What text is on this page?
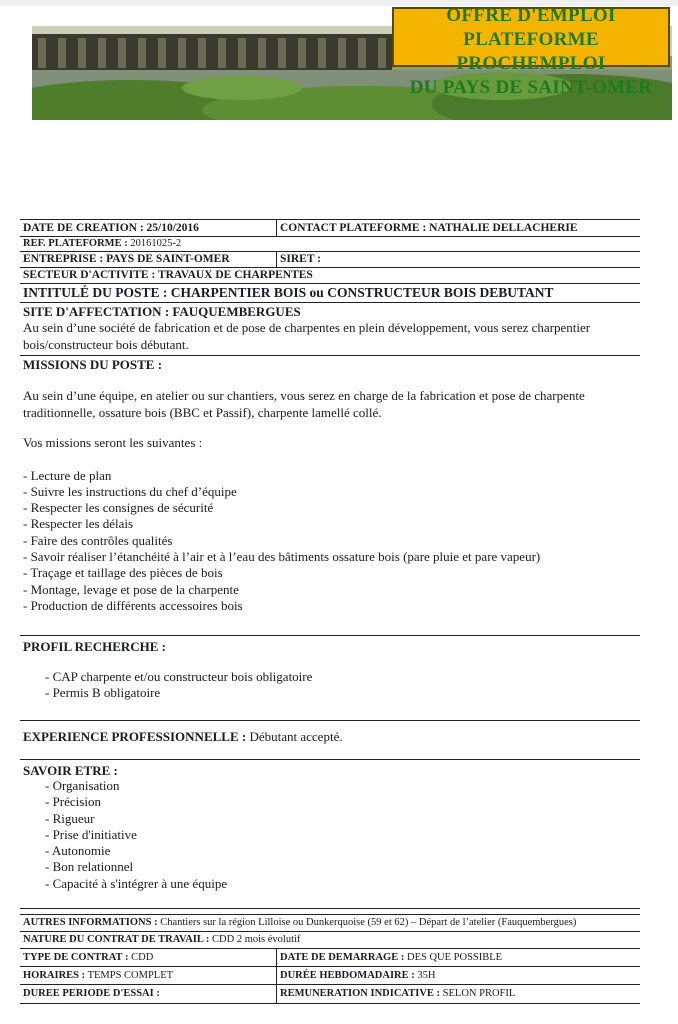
OFFRE D'EMPLOI
PLATEFORME
PROCHEMPLOI
DU PAYS DE SAINT-OMER
DATE DE CREATION : 25/10/2016	CONTACT PLATEFORME : NATHALIE DELLACHERIE
REF. PLATEFORME : 20161025-2
ENTREPRISE : PAYS DE SAINT-OMER	SIRET :
SECTEUR D'ACTIVITE : TRAVAUX DE CHARPENTES
INTITULÉ DU POSTE : CHARPENTIER BOIS ou CONSTRUCTEUR BOIS DEBUTANT
SITE D'AFFECTATION : FAUQUEMBERGUES
Au sein d’une société de fabrication et de pose de charpentes en plein développement, vous serez charpentier bois/constructeur bois débutant.
MISSIONS DU POSTE :
Au sein d’une équipe, en atelier ou sur chantiers, vous serez en charge de la fabrication et pose de charpente traditionnelle, ossature bois (BBC et Passif), charpente lamellé collé.
Vos missions seront les suivantes :
- Lecture de plan
- Suivre les instructions du chef d’équipe
- Respecter les consignes de sécurité
- Respecter les délais
- Faire des contrôles qualités
- Savoir réaliser l’étanchéité à l’air et à l’eau des bâtiments ossature bois (pare pluie et pare vapeur)
- Traçage et taillage des pièces de bois
- Montage, levage et pose de la charpente
- Production de différents accessoires bois
PROFIL RECHERCHE :
- CAP charpente et/ou constructeur bois obligatoire
- Permis B obligatoire
EXPERIENCE PROFESSIONNELLE : Débutant accepté.
SAVOIR ETRE :
- Organisation
- Précision
- Rigueur
- Prise d'initiative
- Autonomie
- Bon relationnel
- Capacité à s'intégrer à une équipe
AUTRES INFORMATIONS : Chantiers sur la région Lilloise ou Dunkerquoise (59 et 62) – Départ de l’atelier (Fauquembergues)
NATURE DU CONTRAT DE TRAVAIL : CDD 2 mois évolutif
TYPE DE CONTRAT : CDD	DATE DE DEMARRAGE : DES QUE POSSIBLE
HORAIRES : TEMPS COMPLET	DURÉE HEBDOMADAIRE : 35H
DUREE PERIODE D'ESSAI :	REMUNERATION INDICATIVE : SELON PROFIL
